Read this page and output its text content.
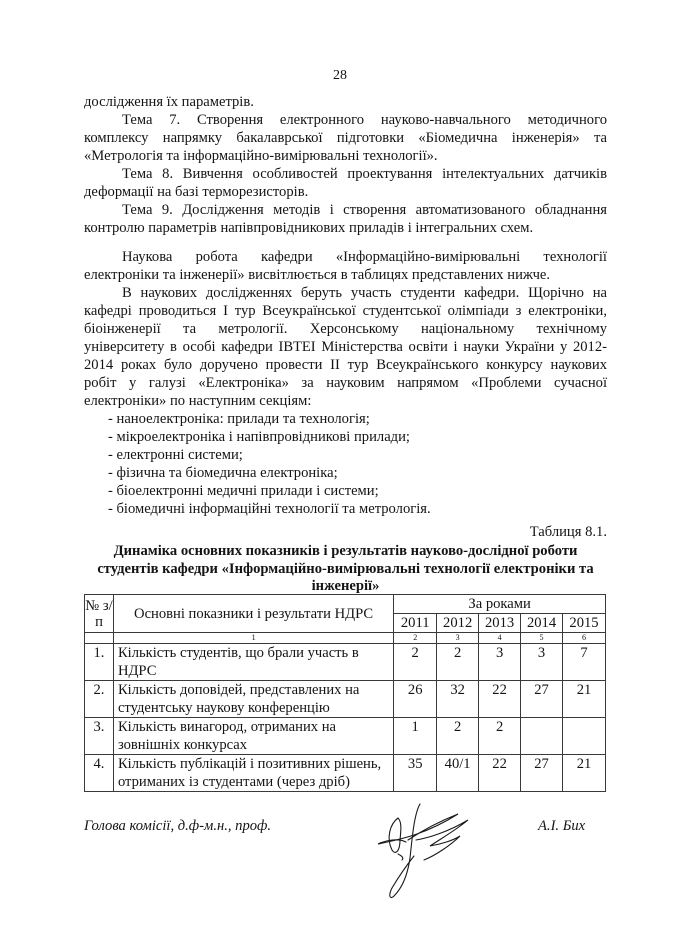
28
дослідження їх параметрів.
Тема 7. Створення електронного науково-навчального методичного
комплексу напрямку бакалаврської підготовки «Біомедична інженерія» та
«Метрологія та інформаційно-вимірювальні технології».
Тема 8. Вивчення особливостей проектування інтелектуальних датчиків
деформації на базі терморезисторів.
Тема 9. Дослідження методів і створення автоматизованого обладнання
контролю параметрів напівпровідникових приладів і інтегральних схем.
Наукова робота кафедри «Інформаційно-вимірювальні технології
електроніки та інженерії» висвітлюється в таблицях представлених нижче.
В наукових дослідженнях беруть участь студенти кафедри. Щорічно на
кафедрі проводиться І тур Всеукраїнської студентської олімпіади з електроніки,
біоінженерії та метрології. Херсонському національному технічному
університету в особі кафедри ІВТЕІ Міністерства освіти і науки України у 2012-
2014 роках було доручено провести ІІ тур Всеукраїнського конкурсу наукових
робіт у галузі «Електроніка» за науковим напрямом «Проблеми сучасної
електроніки» по наступним секціям:
- наноелектроніка: прилади та технологія;
- мікроелектроніка і напівпровідникові прилади;
- електронні системи;
- фізична та біомедична електроніка;
- біоелектронні медичні прилади і системи;
- біомедичні інформаційні технології та метрологія.
Таблиця 8.1.
Динаміка основних показників і результатів науково-дослідної роботи
студентів кафедри «Інформаційно-вимірювальні технології електроніки та
інженерії»
№ з/п	Основні показники і результати НДРС	За роками				
		2011	2012	2013	2014	2015
	1	2	3	4	5	6
1.	Кількість студентів, що брали участь в НДРС	2	2	3	3	7
2.	Кількість доповідей, представлених на студентську наукову конференцію	26	32	22	27	21
3.	Кількість винагород, отриманих на зовнішніх конкурсах	1	2	2		
4.	Кількість публікацій і позитивних рішень, отриманих із студентами (через дріб)	35	40/1	22	27	21
Голова комісії, д.ф-м.н., проф.	А.І. Бих
